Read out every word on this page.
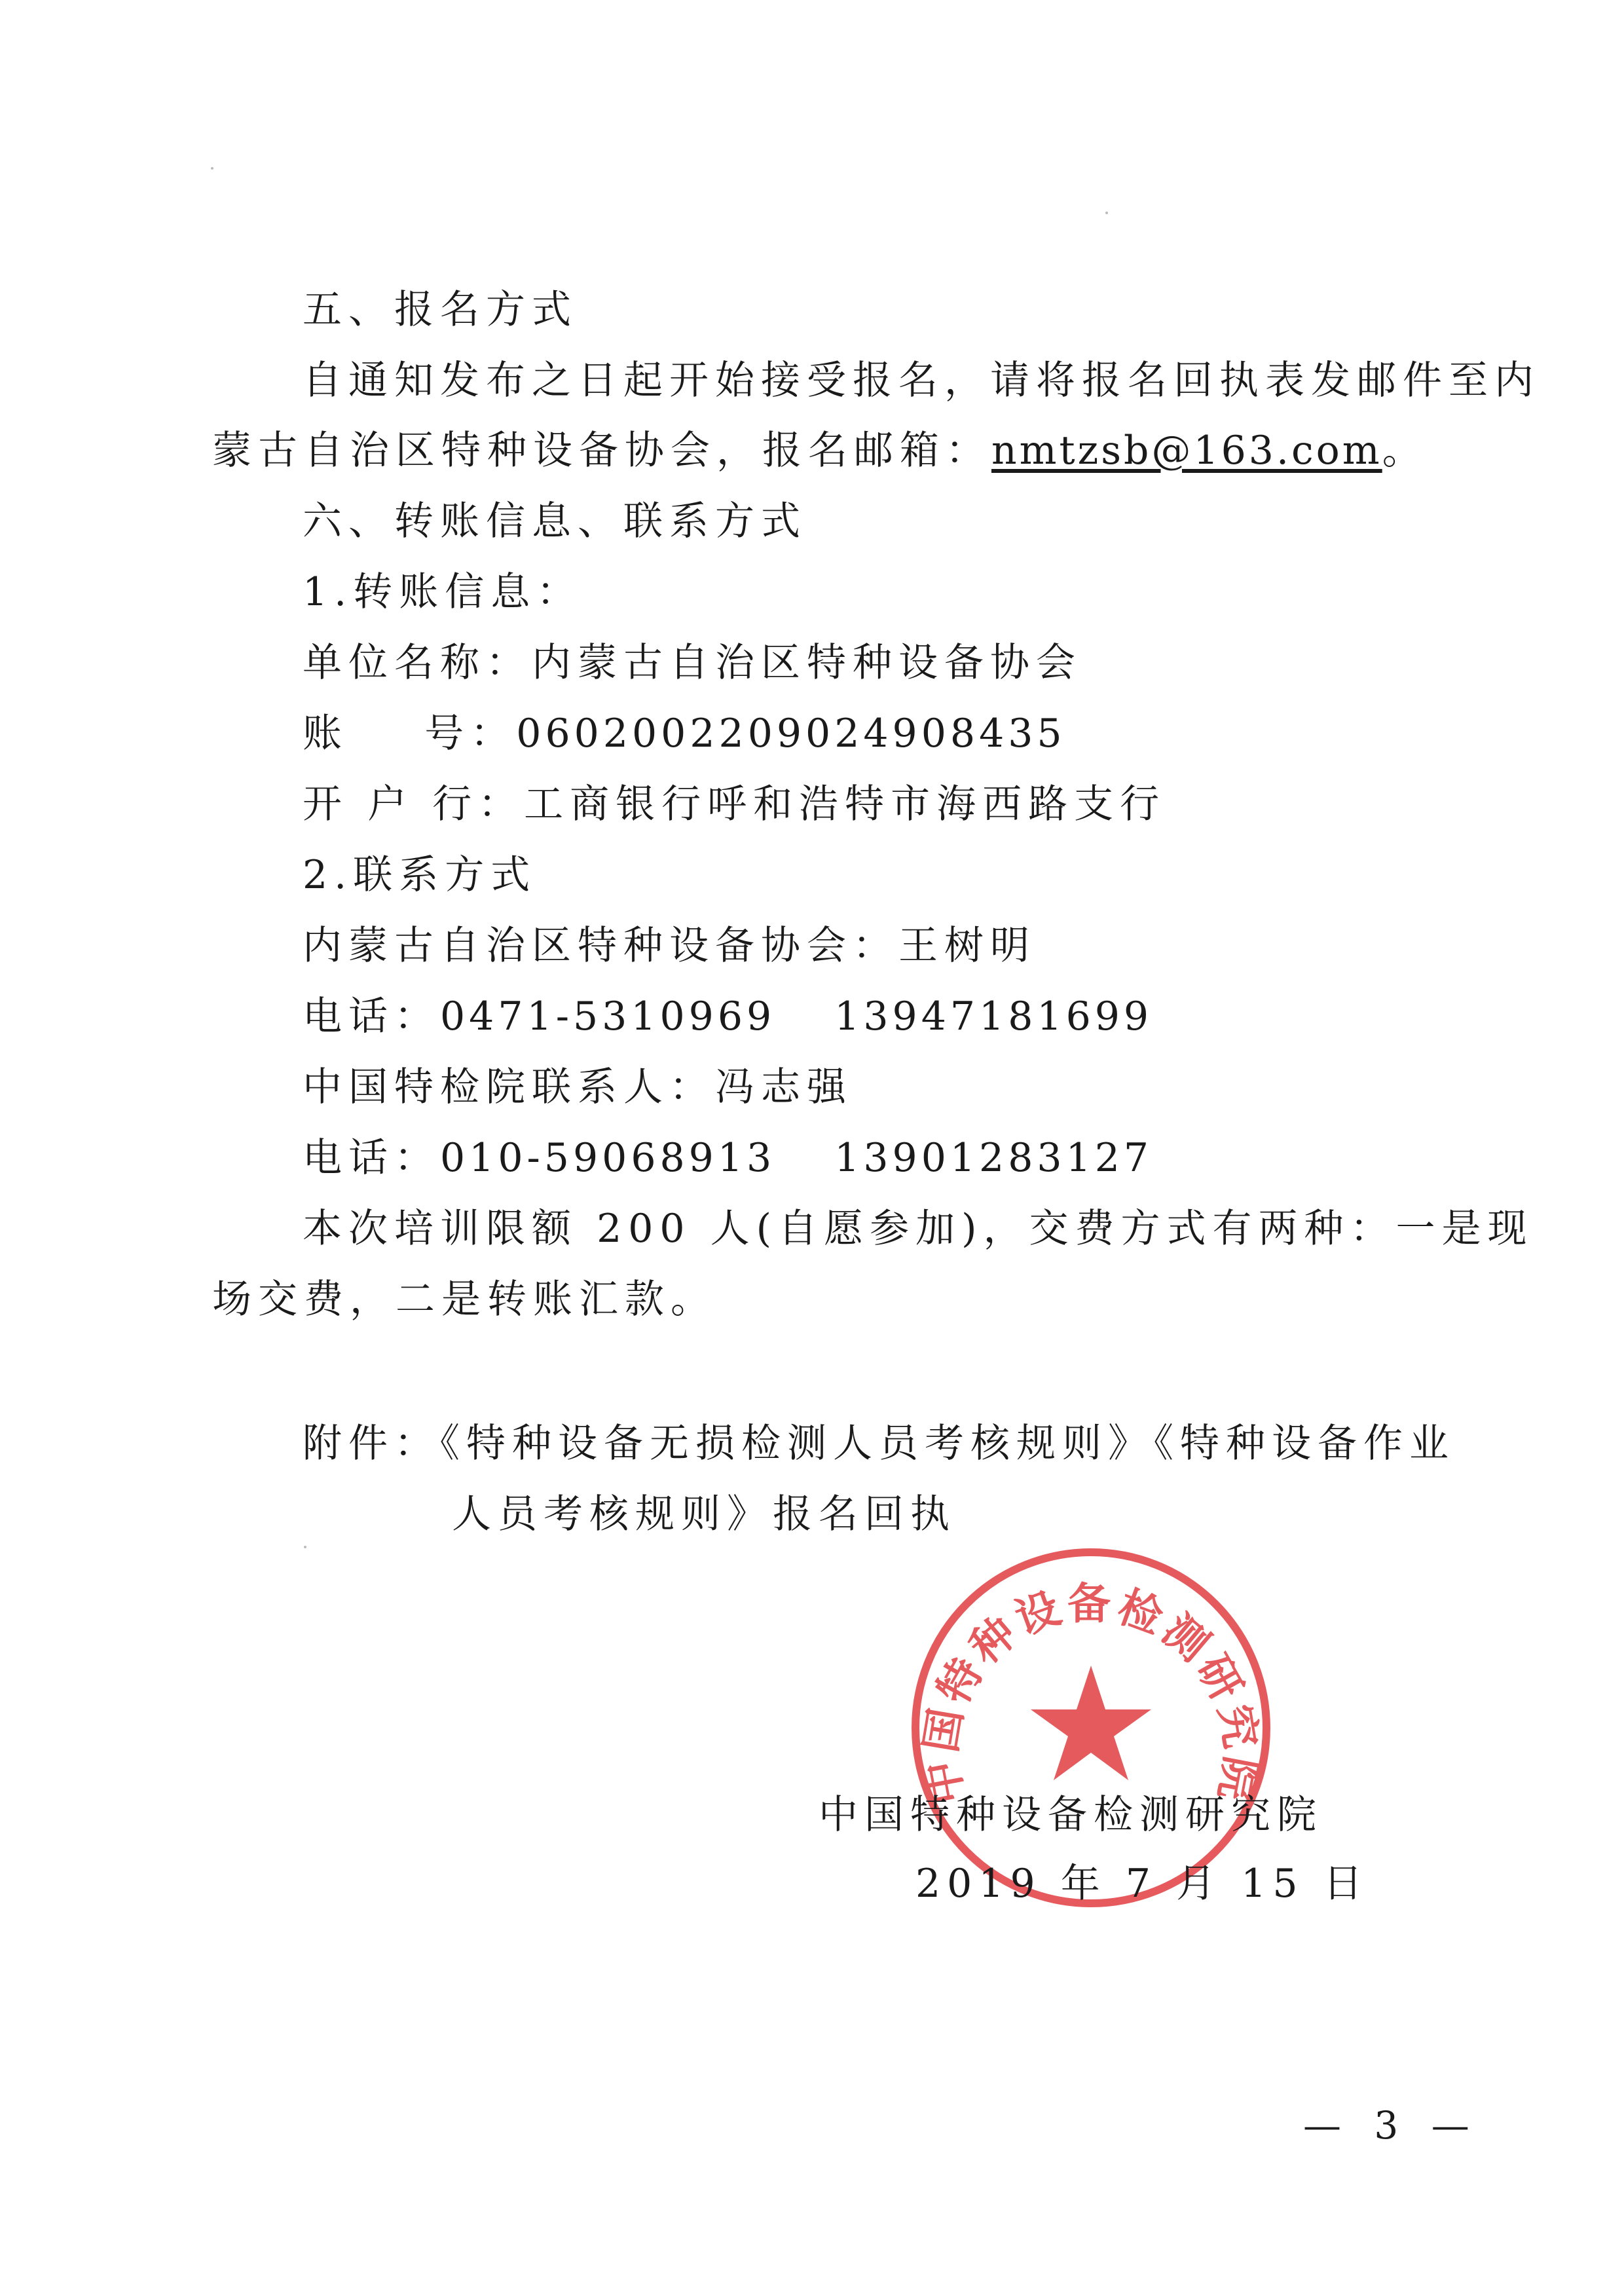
五、报名方式
自通知发布之日起开始接受报名，请将报名回执表发邮件至内
蒙古自治区特种设备协会，报名邮箱：nmtzsb@163.com。
六、转账信息、联系方式
1.转账信息：
单位名称：内蒙古自治区特种设备协会
账    号：0602002209024908435
开 户 行：工商银行呼和浩特市海西路支行
2.联系方式
内蒙古自治区特种设备协会：王树明
电话：0471-5310969 13947181699
中国特检院联系人：冯志强
电话：010-59068913 13901283127
本次培训限额 200 人(自愿参加)，交费方式有两种：一是现
场交费，二是转账汇款。
附件：《特种设备无损检测人员考核规则》《特种设备作业
人员考核规则》报名回执
中国特种设备检测研究院
中国特种设备检测研究院
2019 年 7 月 15 日
— 3 —
